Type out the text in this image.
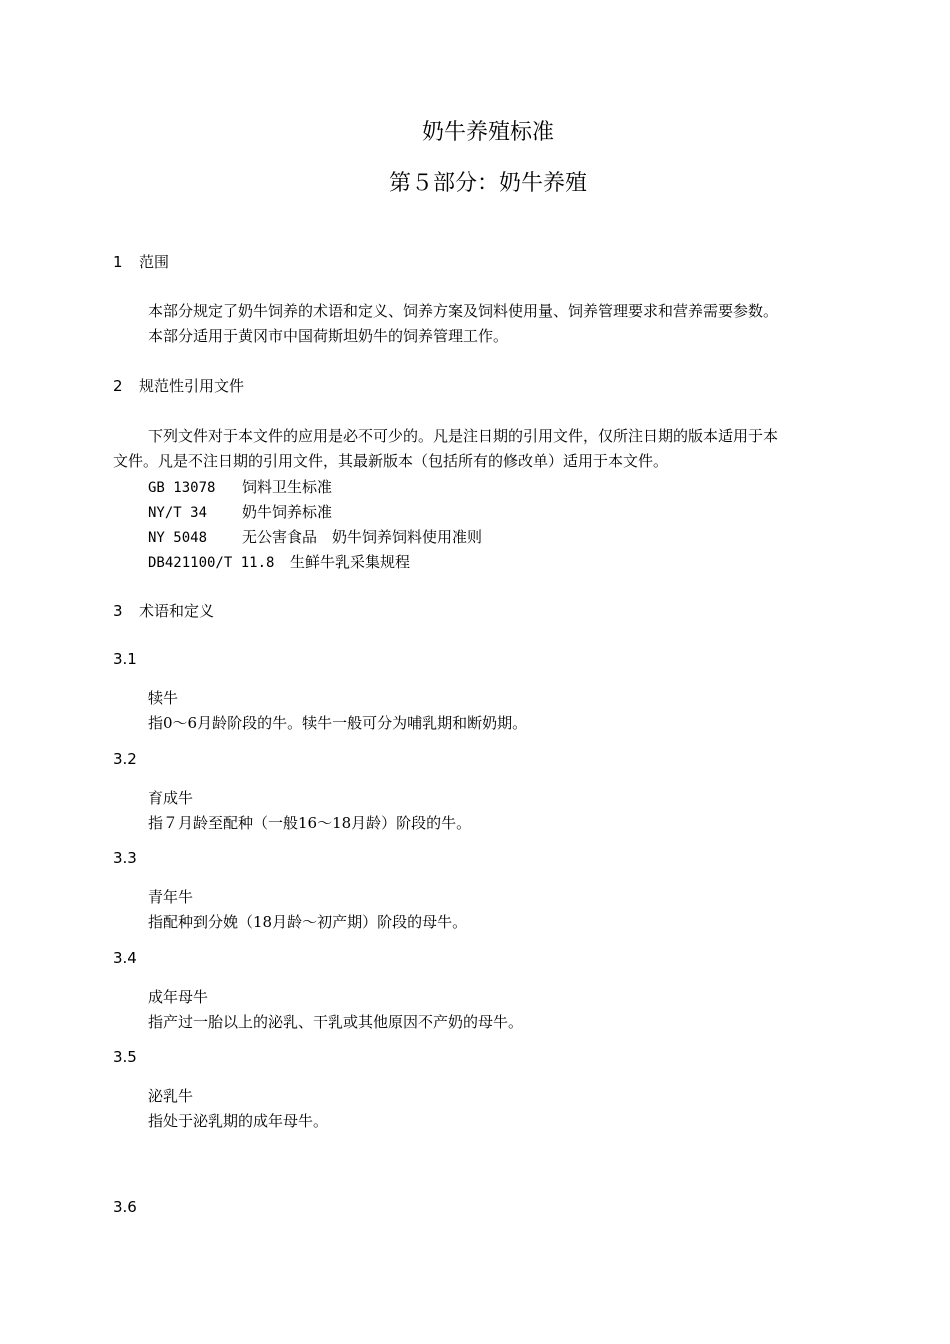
奶牛养殖标准
第５部分：奶牛养殖
1 范围
本部分规定了奶牛饲养的术语和定义、饲养方案及饲料使用量、饲养管理要求和营养需要参数。
本部分适用于黄冈市中国荷斯坦奶牛的饲养管理工作。
2 规范性引用文件
下列文件对于本文件的应用是必不可少的。凡是注日期的引用文件，仅所注日期的版本适用于本
文件。凡是不注日期的引用文件，其最新版本（包括所有的修改单）适用于本文件。
GB 13078 饲料卫生标准
NY/T 34 奶牛饲养标准
NY 5048 无公害食品　奶牛饲养饲料使用准则
DB421100/T 11.8 生鲜牛乳采集规程
3 术语和定义
3.1
犊牛
指0～6月龄阶段的牛。犊牛一般可分为哺乳期和断奶期。
3.2
育成牛
指７月龄至配种（一般16～18月龄）阶段的牛。
3.3
青年牛
指配种到分娩（18月龄～初产期）阶段的母牛。
3.4
成年母牛
指产过一胎以上的泌乳、干乳或其他原因不产奶的母牛。
3.5
泌乳牛
指处于泌乳期的成年母牛。
3.6
